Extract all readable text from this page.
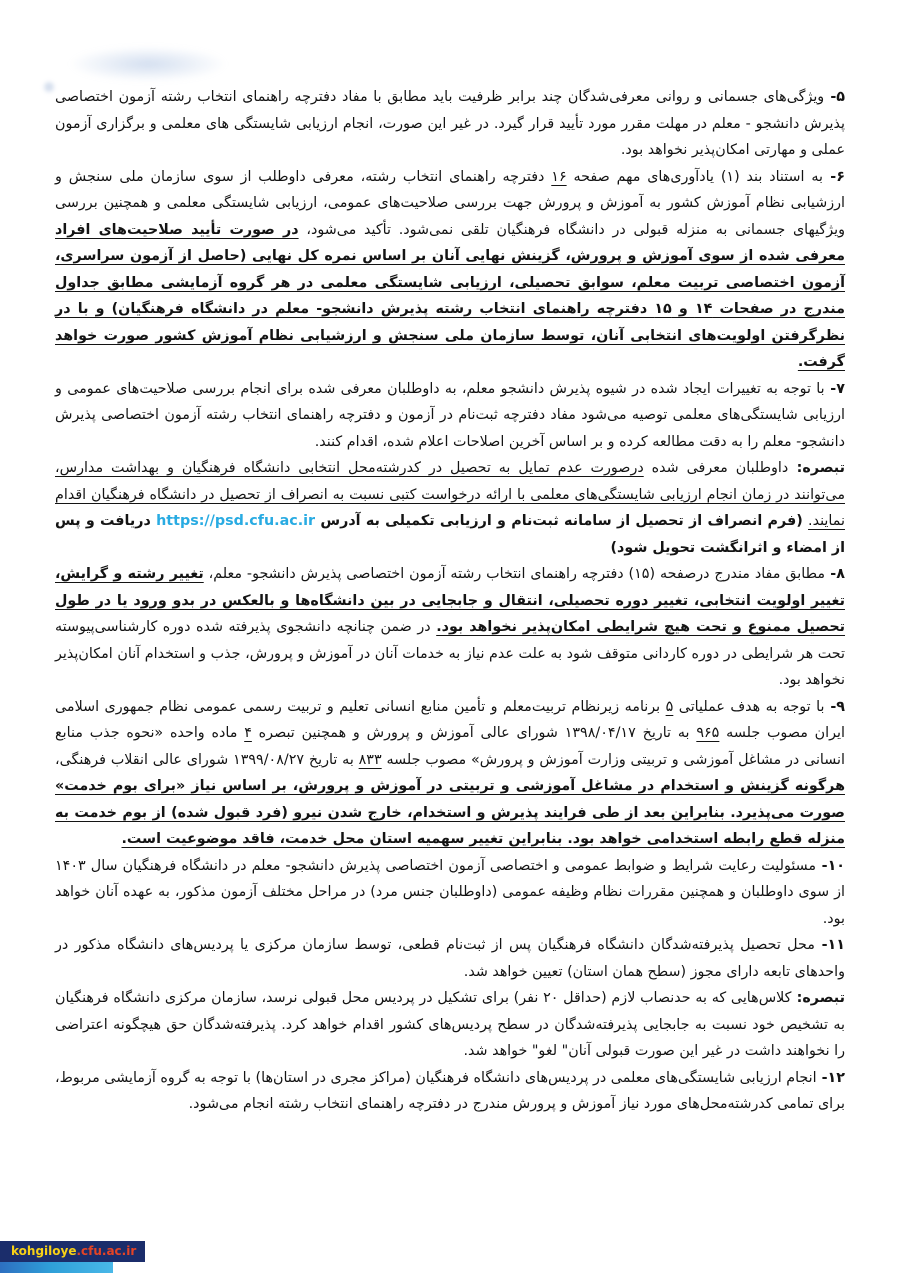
۵- ویژگی‌های جسمانی و روانی معرفی‌شدگان چند برابر ظرفیت باید مطابق با مفاد دفترچه راهنمای انتخاب رشته آزمون اختصاصی پذیرش دانشجو - معلم در مهلت مقرر مورد تأیید قرار گیرد. در غیر این صورت، انجام ارزیابی شایستگی های معلمی و برگزاری آزمون عملی و مهارتی امکان‌پذیر نخواهد بود.

۶- به استناد بند (۱) یادآوری‌های مهم صفحه ۱۶ دفترچه راهنمای انتخاب رشته، معرفی داوطلب از سوی سازمان ملی سنجش و ارزشیابی نظام آموزش کشور به آموزش و پرورش جهت بررسی صلاحیت‌های عمومی، ارزیابی شایستگی معلمی و همچنین بررسی ویژگیهای جسمانی به منزله قبولی در دانشگاه فرهنگیان تلقی نمی‌شود. تأکید می‌شود، در صورت تأیید صلاحیت‌های افراد معرفی شده از سوی آموزش و پرورش، گزینش نهایی آنان بر اساس نمره کل نهایی (حاصل از آزمون سراسری، آزمون اختصاصی تربیت معلم، سوابق تحصیلی، ارزیابی شایستگی معلمی در هر گروه آزمایشی مطابق جداول مندرج در صفحات ۱۴ و ۱۵ دفترچه راهنمای انتخاب رشته پذیرش دانشجو- معلم در دانشگاه فرهنگیان) و با در نظرگرفتن اولویت‌های انتخابی آنان، توسط سازمان ملی سنجش و ارزشیابی نظام آموزش کشور صورت خواهد گرفت.

۷- با توجه به تغییرات ایجاد شده در شیوه پذیرش دانشجو معلم، به داوطلبان معرفی شده برای انجام بررسی صلاحیت‌های عمومی و ارزیابی شایستگی‌های معلمی توصیه می‌شود مفاد دفترچه ثبت‌نام در آزمون و دفترچه راهنمای انتخاب رشته آزمون اختصاصی پذیرش دانشجو- معلم را به دقت مطالعه کرده و بر اساس آخرین اصلاحات اعلام شده، اقدام کنند.

تبصره: داوطلبان معرفی شده درصورت عدم تمایل به تحصیل در کدرشته‌محل انتخابی دانشگاه فرهنگیان و بهداشت مدارس، می‌توانند در زمان انجام ارزیابی شایستگی‌های معلمی با ارائه درخواست کتبی نسبت به انصراف از تحصیل در دانشگاه فرهنگیان اقدام نمایند. (فرم انصراف از تحصیل از سامانه ثبت‌نام و ارزیابی تکمیلی به آدرس https://psd.cfu.ac.ir دریافت و پس از امضاء و اثرانگشت تحویل شود)

۸- مطابق مفاد مندرج درصفحه (۱۵) دفترچه راهنمای انتخاب رشته آزمون اختصاصی پذیرش دانشجو- معلم، تغییر رشته و گرایش، تغییر اولویت انتخابی، تغییر دوره تحصیلی، انتقال و جابجایی در بین دانشگاه‌ها و بالعکس در بدو ورود یا در طول تحصیل ممنوع و تحت هیچ شرایطی امکان‌پذیر نخواهد بود. در ضمن چنانچه دانشجوی پذیرفته شده دوره کارشناسی‌پیوسته تحت هر شرایطی در دوره کاردانی متوقف شود به علت عدم نیاز به خدمات آنان در آموزش و پرورش، جذب و استخدام آنان امکان‌پذیر نخواهد بود.

۹- با توجه به هدف عملیاتی ۵ برنامه زیرنظام تربیت‌معلم و تأمین منابع انسانی تعلیم و تربیت رسمی عمومی نظام جمهوری اسلامی ایران مصوب جلسه ۹۶۵ به تاریخ ۱۳۹۸/۰۴/۱۷ شورای عالی آموزش و پرورش و همچنین تبصره ۴ ماده واحده «نحوه جذب منابع انسانی در مشاغل آموزشی و تربیتی وزارت آموزش و پرورش» مصوب جلسه ۸۳۳ به تاریخ ۱۳۹۹/۰۸/۲۷ شورای عالی انقلاب فرهنگی، هرگونه گزینش و استخدام در مشاغل آموزشی و تربیتی در آموزش و پرورش، بر اساس نیاز «برای بوم خدمت» صورت می‌پذیرد. بنابراین بعد از طی فرایند پذیرش و استخدام، خارج شدن نیرو (فرد قبول شده) از بوم خدمت به منزله قطع رابطه استخدامی خواهد بود. بنابراین تغییر سهمیه استان محل خدمت، فاقد موضوعیت است.

۱۰- مسئولیت رعایت شرایط و ضوابط عمومی و اختصاصی آزمون اختصاصی پذیرش دانشجو- معلم در دانشگاه فرهنگیان سال ۱۴۰۳ از سوی داوطلبان و همچنین مقررات نظام وظیفه عمومی (داوطلبان جنس مرد) در مراحل مختلف آزمون مذکور، به عهده آنان خواهد بود.

۱۱- محل تحصیل پذیرفته‌شدگان دانشگاه فرهنگیان پس از ثبت‌نام قطعی، توسط سازمان مرکزی یا پردیس‌های دانشگاه مذکور در واحدهای تابعه دارای مجوز (سطح همان استان) تعیین خواهد شد.

تبصره: کلاس‌هایی که به حدنصاب لازم (حداقل ۲۰ نفر) برای تشکیل در پردیس محل قبولی نرسد، سازمان مرکزی دانشگاه فرهنگیان به تشخیص خود نسبت به جابجایی پذیرفته‌شدگان در سطح پردیس‌های کشور اقدام خواهد کرد. پذیرفته‌شدگان حق هیچگونه اعتراضی را نخواهند داشت در غیر این صورت قبولی آنان" لغو" خواهد شد.

۱۲- انجام ارزیابی شایستگی‌های معلمی در پردیس‌های دانشگاه فرهنگیان (مراکز مجری در استان‌ها) با توجه به گروه آزمایشی مربوط، برای تمامی کدرشته‌محل‌های مورد نیاز آموزش و پرورش مندرج در دفترچه راهنمای انتخاب رشته انجام می‌شود.

kohgiloye.cfu.ac.ir
